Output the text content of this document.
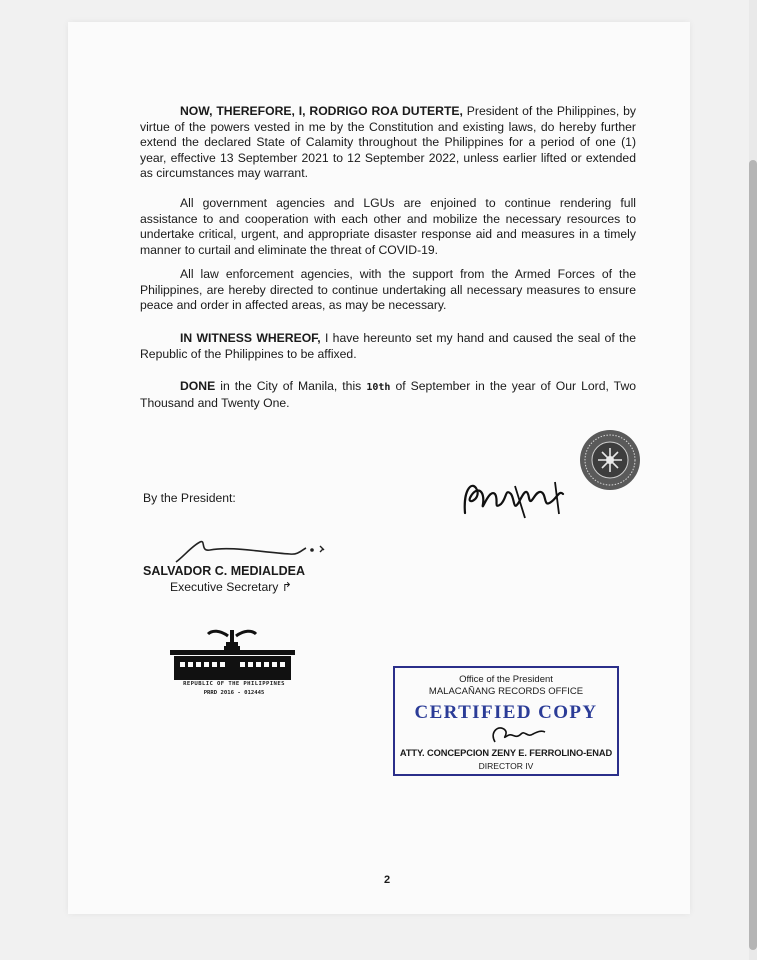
NOW, THEREFORE, I, RODRIGO ROA DUTERTE, President of the Philippines, by virtue of the powers vested in me by the Constitution and existing laws, do hereby further extend the declared State of Calamity throughout the Philippines for a period of one (1) year, effective 13 September 2021 to 12 September 2022, unless earlier lifted or extended as circumstances may warrant.

All government agencies and LGUs are enjoined to continue rendering full assistance to and cooperation with each other and mobilize the necessary resources to undertake critical, urgent, and appropriate disaster response aid and measures in a timely manner to curtail and eliminate the threat of COVID-19.

All law enforcement agencies, with the support from the Armed Forces of the Philippines, are hereby directed to continue undertaking all necessary measures to ensure peace and order in affected areas, as may be necessary.

IN WITNESS WHEREOF, I have hereunto set my hand and caused the seal of the Republic of the Philippines to be affixed.

DONE in the City of Manila, this 10th of September in the year of Our Lord, Two Thousand and Twenty One.

By the President:
SALVADOR C. MEDIALDEA
Executive Secretary ↱
REPUBLIC OF THE PHILIPPINES
PRRD 2016 - 012445
Office of the President
MALACAÑANG RECORDS OFFICE
CERTIFIED COPY
ATTY. CONCEPCION ZENY E. FERROLINO-ENAD
DIRECTOR IV
2
